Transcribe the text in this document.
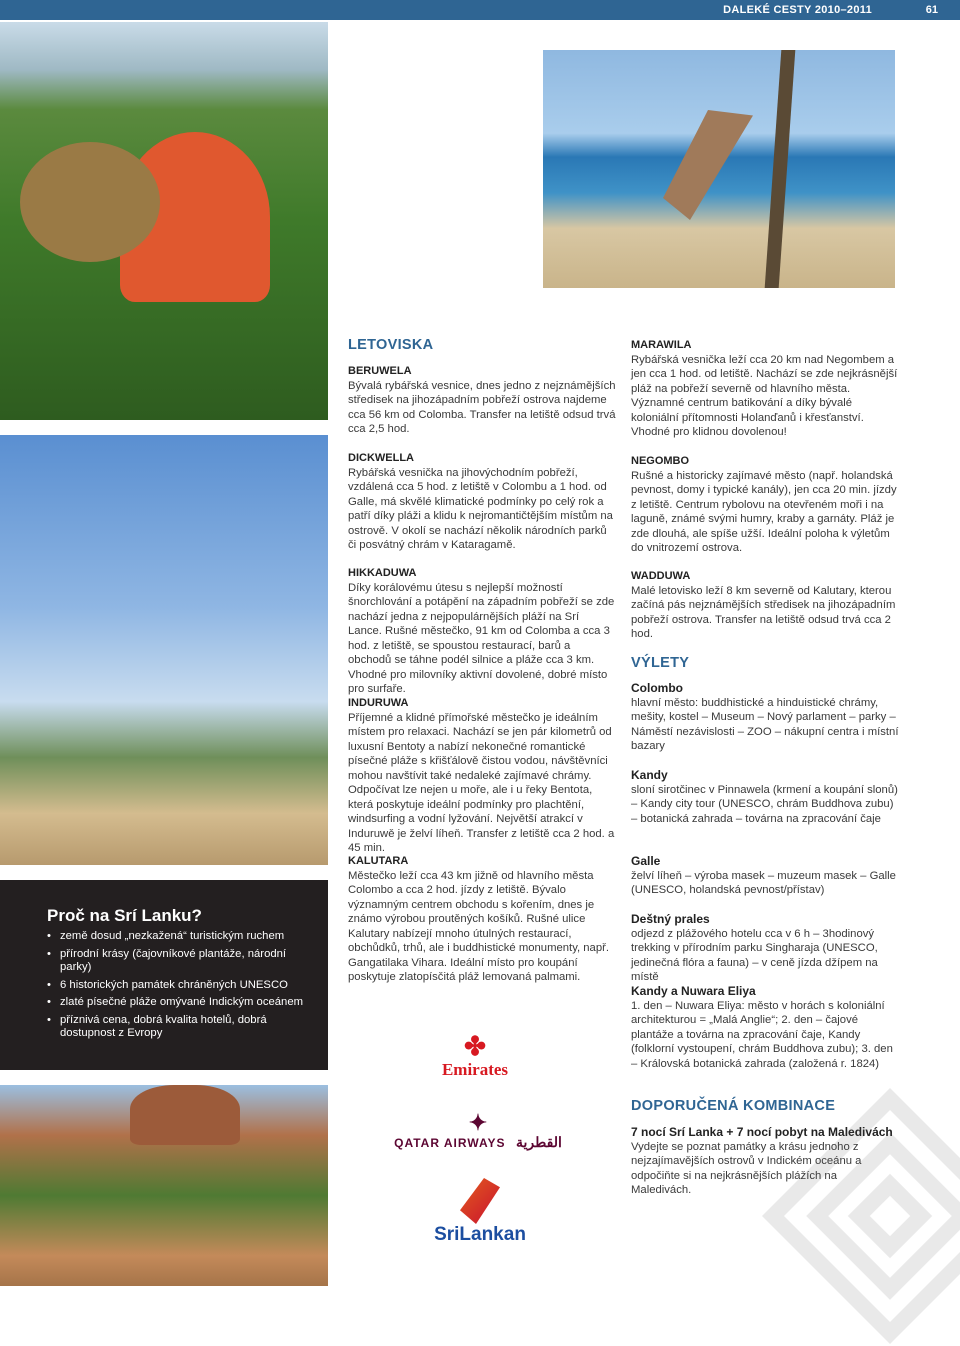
DALEKÉ CESTY 2010–2011	61
Proč na Srí Lanku?
• země dosud „nezkažená“ turistickým ruchem
• přírodní krásy (čajovníkové plantáže, národní parky)
• 6 historických památek chráněných UNESCO
• zlaté písečné pláže omývané Indickým oceánem
• příznivá cena, dobrá kvalita hotelů, dobrá dostupnost z Evropy
LETOVISKA
BERUWELA

Bývalá rybářská vesnice, dnes jedno z nejznámějších středisek na jihozápadním pobřeží ostrova najdeme cca 56 km od Colomba. Transfer na letiště odsud trvá cca 2,5 hod.

DICKWELLA

Rybářská vesnička na jihovýchodním pobřeží, vzdálená cca 5 hod. z letiště v Colombu a 1 hod. od Galle, má skvělé klimatické podmínky po celý rok a patří díky pláži a klidu k nejromantičtějším místům na ostrově. V okolí se nachází několik národních parků či posvátný chrám v Kataragamě.

HIKKADUWA

Díky korálovému útesu s nejlepší možností šnorchlování a potápění na západním pobřeží se zde nachází jedna z nejpopulárnějších pláží na Srí Lance. Rušné městečko, 91 km od Colomba a cca 3 hod. z letiště, se spoustou restaurací, barů a obchodů se táhne podél silnice a pláže cca 3 km. Vhodné pro milovníky aktivní dovolené, dobré místo pro surfaře.

INDURUWA

Příjemné a klidné přímořské městečko je ideálním místem pro relaxaci. Nachází se jen pár kilometrů od luxusní Bentoty a nabízí nekonečné romantické písečné pláže s křišťálově čistou vodou, návštěvníci mohou navštívit také nedaleké zajímavé chrámy. Odpočívat lze nejen u moře, ale i u řeky Bentota, která poskytuje ideální podmínky pro plachtění, windsurfing a vodní lyžování. Největší atrakcí v Induruwě je želví líheň. Transfer z letiště cca 2 hod. a 45 min.

KALUTARA

Městečko leží cca 43 km jižně od hlavního města Colombo a cca 2 hod. jízdy z letiště. Bývalo významným centrem obchodu s kořením, dnes je známo výrobou proutěných košíků. Rušné ulice Kalutary nabízejí mnoho útulných restaurací, obchůdků, trhů, ale i buddhistické monumenty, např. Gangatilaka Vihara. Ideální místo pro koupání poskytuje zlatopísčitá pláž lemovaná palmami.

MARAWILA

Rybářská vesnička leží cca 20 km nad Negombem a jen cca 1 hod. od letiště. Nachází se zde nejkrásnější pláž na pobřeží severně od hlavního města. Významné centrum batikování a díky bývalé koloniální přítomnosti Holanďanů i křesťanství. Vhodné pro klidnou dovolenou!

NEGOMBO

Rušné a historicky zajímavé město (např. holandská pevnost, domy i typické kanály), jen cca 20 min. jízdy z letiště. Centrum rybolovu na otevřeném moři i na laguně, známé svými humry, kraby a garnáty. Pláž je zde dlouhá, ale spíše užší. Ideální poloha k výletům do vnitrozemí ostrova.

WADDUWA

Malé letovisko leží 8 km severně od Kalutary, kterou začíná pás nejznámějších středisek na jihozápadním pobřeží ostrova. Transfer na letiště odsud trvá cca 2 hod.

VÝLETY
Colombo

hlavní město: buddhistické a hinduistické chrámy, mešity, kostel – Museum – Nový parlament – parky – Náměstí nezávislosti – ZOO – nákupní centra i místní bazary

Kandy

sloní sirotčinec v Pinnawela (krmení a koupání slonů) – Kandy city tour (UNESCO, chrám Buddhova zubu) – botanická zahrada – továrna na zpracování čaje

Galle

želví líheň – výroba masek – muzeum masek – Galle (UNESCO, holandská pevnost/přístav)

Deštný prales

odjezd z plážového hotelu cca v 6 h – 3hodinový trekking v přírodním parku Singharaja (UNESCO, jedinečná flóra a fauna) – v ceně jízda džípem na místě

Kandy a Nuwara Eliya

1. den – Nuwara Eliya: město v horách s koloniální architekturou = „Malá Anglie“; 2. den – čajové plantáže a továrna na zpracování čaje, Kandy (folklorní vystoupení, chrám Buddhova zubu); 3. den – Královská botanická zahrada (založená r. 1824)

DOPORUČENÁ KOMBINACE
7 nocí Srí Lanka + 7 nocí pobyt na Maledivách

Vydejte se poznat památky a krásu jednoho z nejzajímavějších ostrovů v Indickém oceánu a odpočiňte si na nejkrásnějších plážích na Maledivách.

✤
Emirates
✦
QATAR AIRWAYS القطرية
SriLankan
